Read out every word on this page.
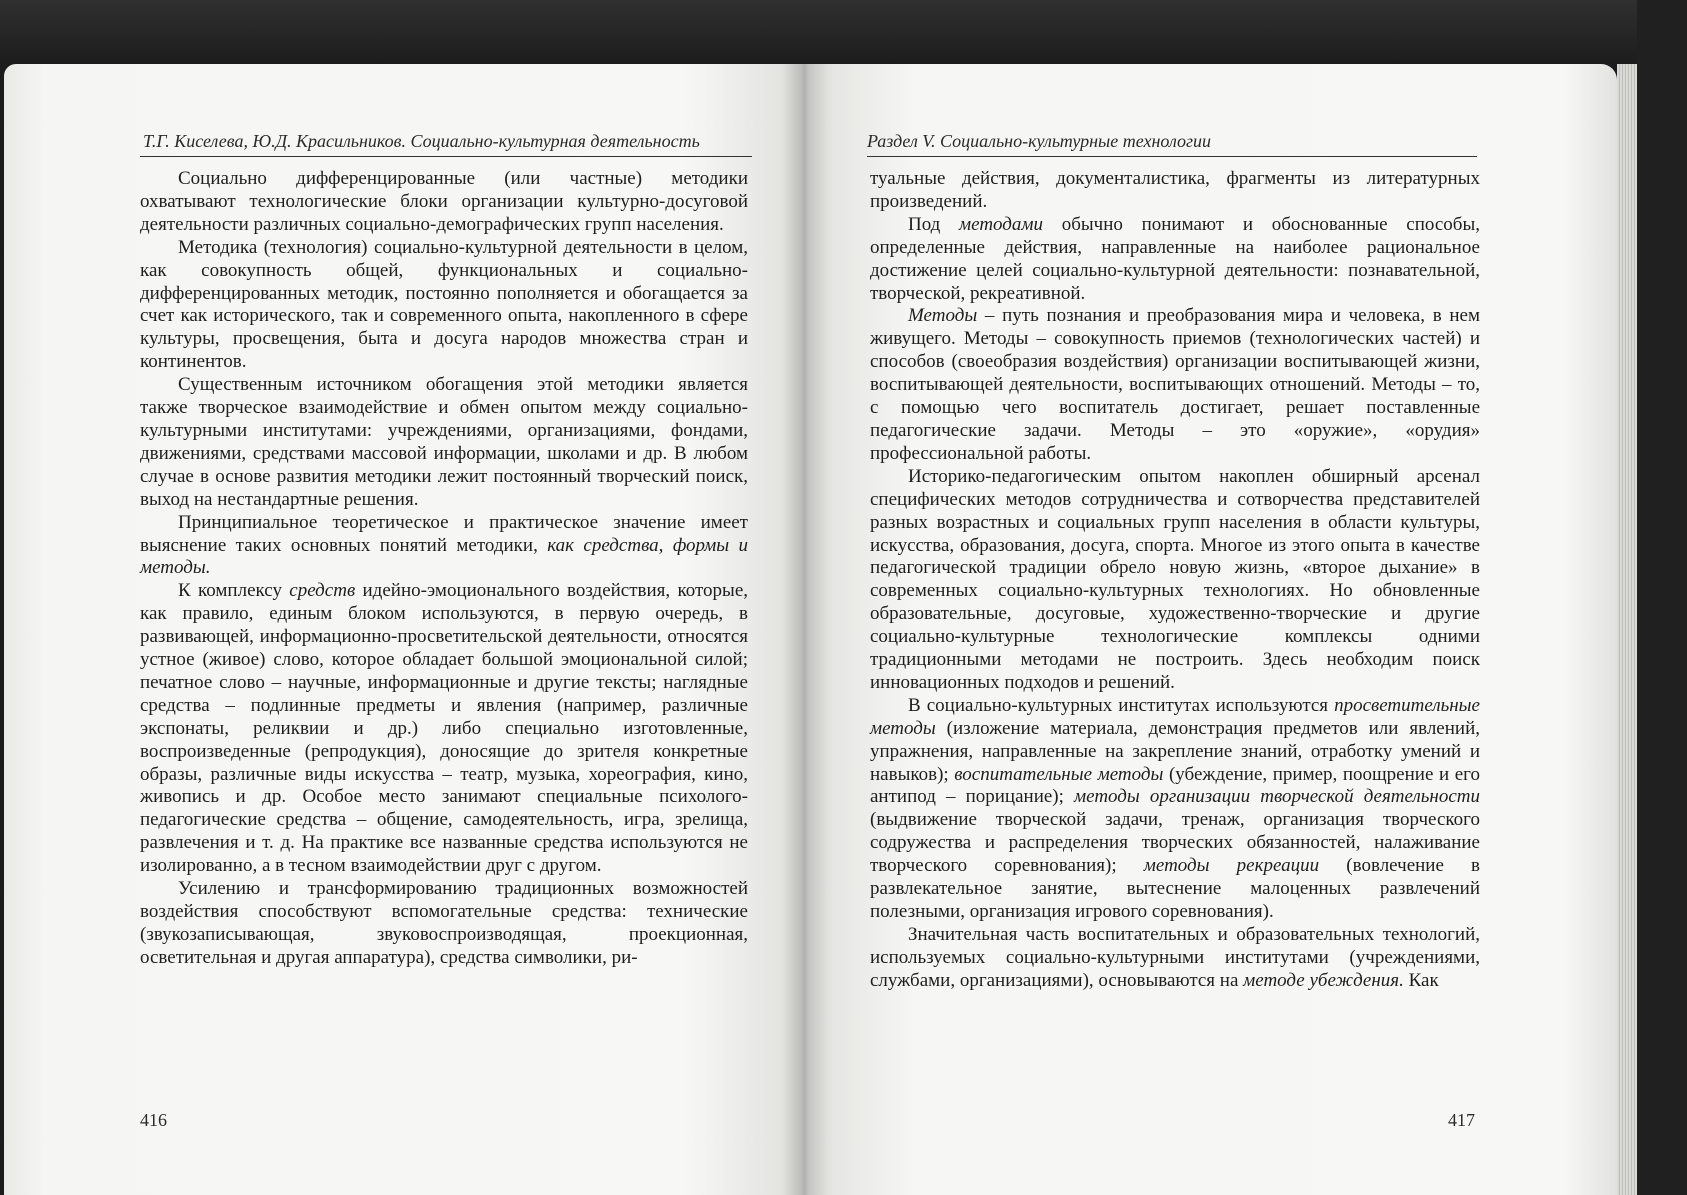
Т.Г. Киселева, Ю.Д. Красильников. Социально-культурная деятельность

Социально дифференцированные (или частные) методики охватывают технологические блоки организации культурно-досуговой деятельности различных социально-демографических групп населения.

Методика (технология) социально-культурной деятельности в целом, как совокупность общей, функциональных и социально-дифференцированных методик, постоянно пополняется и обогащается за счет как исторического, так и современного опыта, накопленного в сфере культуры, просвещения, быта и досуга народов множества стран и континентов.

Существенным источником обогащения этой методики является также творческое взаимодействие и обмен опытом между социально-культурными институтами: учреждениями, организациями, фондами, движениями, средствами массовой информации, школами и др. В любом случае в основе развития методики лежит постоянный творческий поиск, выход на нестандартные решения.

Принципиальное теоретическое и практическое значение имеет выяснение таких основных понятий методики, как средства, формы и методы.

К комплексу средств идейно-эмоционального воздействия, которые, как правило, единым блоком используются, в первую очередь, в развивающей, информационно-просветительской деятельности, относятся устное (живое) слово, которое обладает большой эмоциональной силой; печатное слово – научные, информационные и другие тексты; наглядные средства – подлинные предметы и явления (например, различные экспонаты, реликвии и др.) либо специально изготовленные, воспроизведенные (репродукция), доносящие до зрителя конкретные образы, различные виды искусства – театр, музыка, хореография, кино, живопись и др. Особое место занимают специальные психолого-педагогические средства – общение, самодеятельность, игра, зрелища, развлечения и т. д. На практике все названные средства используются не изолированно, а в тесном взаимодействии друг с другом.

Усилению и трансформированию традиционных возможностей воздействия способствуют вспомогательные средства: технические (звукозаписывающая, звуковоспроизводящая, проекционная, осветительная и другая аппаратура), средства символики, ри-

416
Раздел V. Социально-культурные технологии

туальные действия, документалистика, фрагменты из литературных произведений.

Под методами обычно понимают и обоснованные способы, определенные действия, направленные на наиболее рациональное достижение целей социально-культурной деятельности: познавательной, творческой, рекреативной.

Методы – путь познания и преобразования мира и человека, в нем живущего. Методы – совокупность приемов (технологических частей) и способов (своеобразия воздействия) организации воспитывающей жизни, воспитывающей деятельности, воспитывающих отношений. Методы – то, с помощью чего воспитатель достигает, решает поставленные педагогические задачи. Методы – это «оружие», «орудия» профессиональной работы.

Историко-педагогическим опытом накоплен обширный арсенал специфических методов сотрудничества и сотворчества представителей разных возрастных и социальных групп населения в области культуры, искусства, образования, досуга, спорта. Многое из этого опыта в качестве педагогической традиции обрело новую жизнь, «второе дыхание» в современных социально-культурных технологиях. Но обновленные образовательные, досуговые, художественно-творческие и другие социально-культурные технологические комплексы одними традиционными методами не построить. Здесь необходим поиск инновационных подходов и решений.

В социально-культурных институтах используются просветительные методы (изложение материала, демонстрация предметов или явлений, упражнения, направленные на закрепление знаний, отработку умений и навыков); воспитательные методы (убеждение, пример, поощрение и его антипод – порицание); методы организации творческой деятельности (выдвижение творческой задачи, тренаж, организация творческого содружества и распределения творческих обязанностей, налаживание творческого соревнования); методы рекреации (вовлечение в развлекательное занятие, вытеснение малоценных развлечений полезными, организация игрового соревнования).

Значительная часть воспитательных и образовательных технологий, используемых социально-культурными институтами (учреждениями, службами, организациями), основываются на методе убеждения. Как

417
